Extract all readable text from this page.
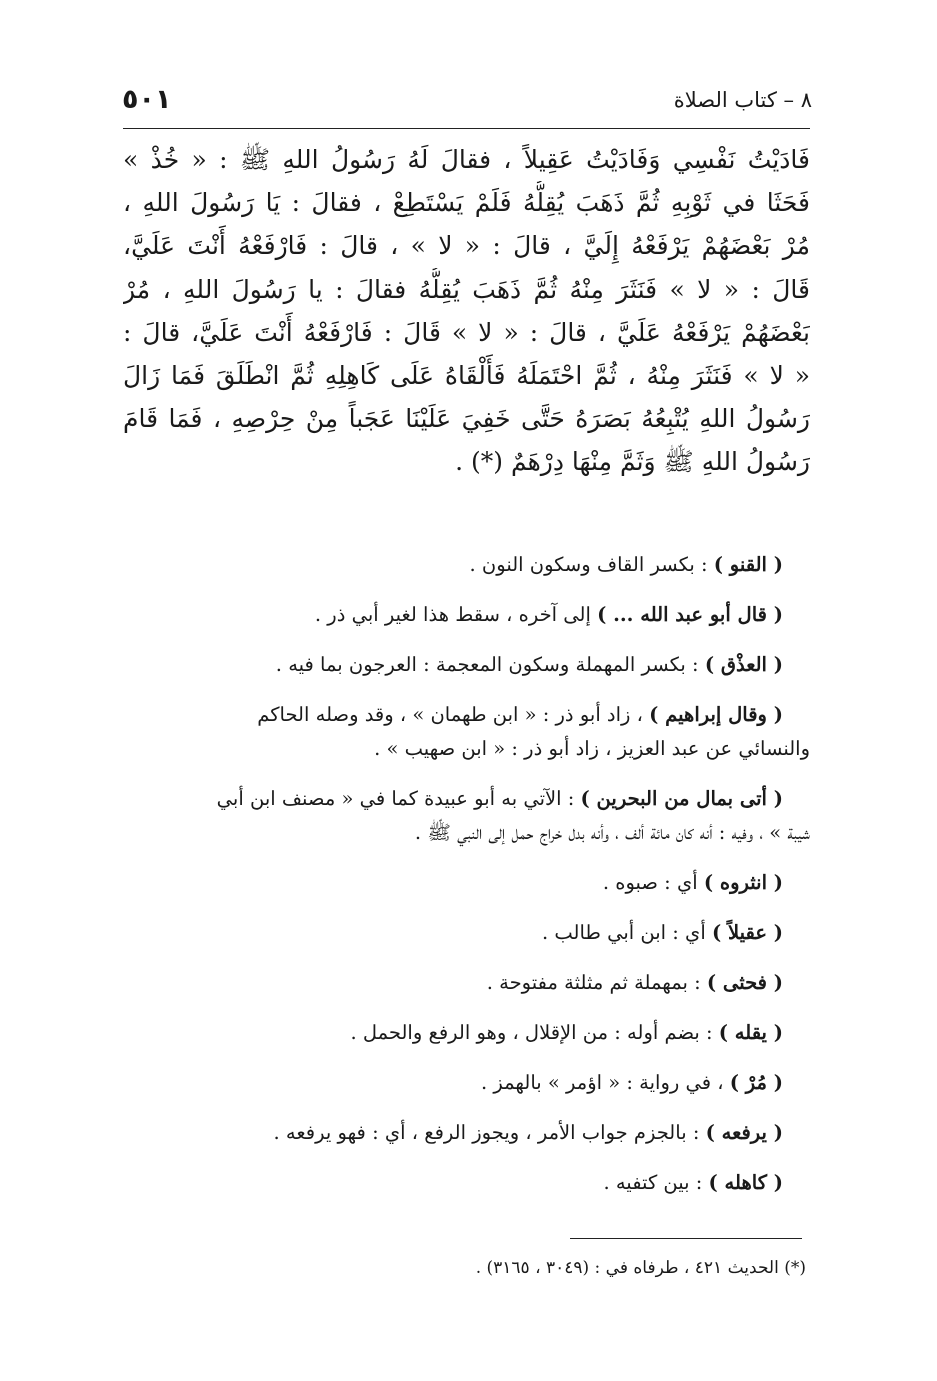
٥٠١	٨ – كتاب الصلاة
فَادَيْتُ نَفْسِي وَفَادَيْتُ عَقِيلاً ، فقالَ لَهُ رَسُولُ اللهِ ﷺ : « خُذْ »
فَحَثَا في ثَوْبِهِ ثُمَّ ذَهَبَ يُقِلُّهُ فَلَمْ يَسْتَطِعْ ، فقالَ : يَا رَسُولَ اللهِ ،
مُرْ بَعْضَهُمْ يَرْفَعْهُ إِلَيَّ ، قالَ : « لا » ، قالَ : فَارْفَعْهُ أَنْتَ عَلَيَّ،
قَالَ : « لا » فَنَثَرَ مِنْهُ ثُمَّ ذَهَبَ يُقِلُّهُ فقالَ : يا رَسُولَ اللهِ ، مُرْ
بَعْضَهُمْ يَرْفَعْهُ عَلَيَّ ، قالَ : « لا » قَالَ : فَارْفَعْهُ أَنْتَ عَلَيَّ، قالَ :
« لا » فَنَثَرَ مِنْهُ ، ثُمَّ احْتَمَلَهُ فَأَلْقَاهُ عَلَى كَاهِلِهِ ثُمَّ انْطَلَقَ فَمَا زَالَ
رَسُولُ اللهِ يُتْبِعُهُ بَصَرَهُ حَتَّى خَفِيَ عَلَيْنَا عَجَباً مِنْ حِرْصِهِ ، فَمَا قَامَ
رَسُولُ اللهِ ﷺ وَثَمَّ مِنْهَا دِرْهَمٌ (*) .

( القنو ) : بكسر القاف وسكون النون .

( قال أبو عبد الله ... ) إلى آخره ، سقط هذا لغير أبي ذر .

( العذْق ) : بكسر المهملة وسكون المعجمة : العرجون بما فيه .

( وقال إبراهيم ) ، زاد أبو ذر : « ابن طهمان » ، وقد وصله الحاكم
والنسائي عن عبد العزيز ، زاد أبو ذر : « ابن صهيب » .

( أتى بمال من البحرين ) : الآتي به أبو عبيدة كما في « مصنف ابن أبي
شيبة » ، وفيه : أنه كان مائة ألف ، وأنه بدل خراج حمل إلى النبي ﷺ .

( انثروه ) أي : صبوه .

( عقيلاً ) أي : ابن أبي طالب .

( فحثى ) : بمهملة ثم مثلثة مفتوحة .

( يقله ) : بضم أوله : من الإقلال ، وهو الرفع والحمل .

( مُرْ ) ، في رواية : « اؤمر » بالهمز .

( يرفعه ) : بالجزم جواب الأمر ، ويجوز الرفع ، أي : فهو يرفعه .

( كاهله ) : بين كتفيه .

(*) الحديث ٤٢١ ، طرفاه في : (٣٠٤٩ ، ٣١٦٥) .
